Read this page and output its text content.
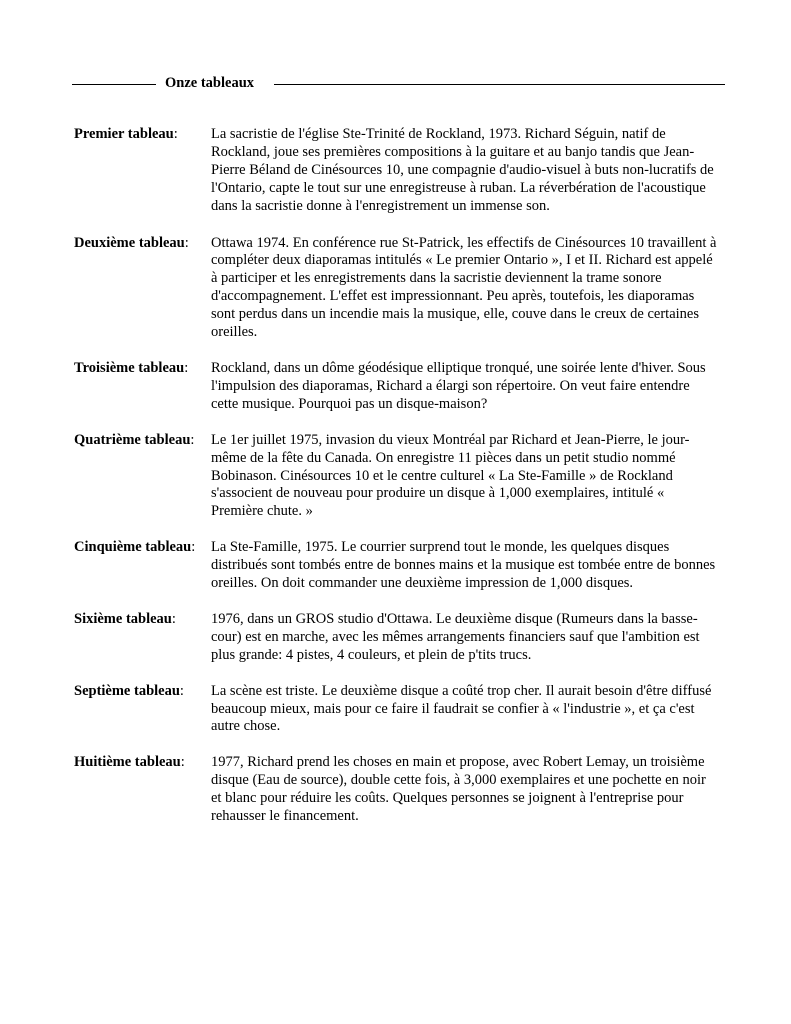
Onze tableaux
Premier tableau:	La sacristie de l'église Ste-Trinité de Rockland, 1973. Richard Séguin, natif de Rockland, joue ses premières compositions à la guitare et au banjo tandis que Jean-Pierre Béland de Cinésources 10, une compagnie d'audio-visuel à buts non-lucratifs de l'Ontario, capte le tout sur une enregistreuse à ruban. La réverbération de l'acoustique dans la sacristie donne à l'enregistrement un immense son.
Deuxième tableau:	Ottawa 1974. En conférence rue St-Patrick, les effectifs de Cinésources 10 travaillent à compléter deux diaporamas intitulés « Le premier Ontario », I et II. Richard est appelé à participer et les enregistrements dans la sacristie deviennent la trame sonore d'accompagnement. L'effet est impressionnant. Peu après, toutefois, les diaporamas sont perdus dans un incendie mais la musique, elle, couve dans le creux de certaines oreilles.
Troisième tableau:	Rockland, dans un dôme géodésique elliptique tronqué, une soirée lente d'hiver. Sous l'impulsion des diaporamas, Richard a élargi son répertoire. On veut faire entendre cette musique. Pourquoi pas un disque-maison?
Quatrième tableau:	Le 1er juillet 1975, invasion du vieux Montréal par Richard et Jean-Pierre, le jour-même de la fête du Canada. On enregistre 11 pièces dans un petit studio nommé Bobinason. Cinésources 10 et le centre culturel « La Ste-Famille » de Rockland s'associent de nouveau pour produire un disque à 1,000 exemplaires, intitulé « Première chute. »
Cinquième tableau:	La Ste-Famille, 1975. Le courrier surprend tout le monde, les quelques disques distribués sont tombés entre de bonnes mains et la musique est tombée entre de bonnes oreilles. On doit commander une deuxième impression de 1,000 disques.
Sixième tableau:	1976, dans un GROS studio d'Ottawa. Le deuxième disque (Rumeurs dans la basse-cour) est en marche, avec les mêmes arrangements financiers sauf que l'ambition est plus grande: 4 pistes, 4 couleurs, et plein de p'tits trucs.
Septième tableau:	La scène est triste. Le deuxième disque a coûté trop cher. Il aurait besoin d'être diffusé beaucoup mieux, mais pour ce faire il faudrait se confier à « l'industrie », et ça c'est autre chose.
Huitième tableau:	1977, Richard prend les choses en main et propose, avec Robert Lemay, un troisième disque (Eau de source), double cette fois, à 3,000 exemplaires et une pochette en noir et blanc pour réduire les coûts. Quelques personnes se joignent à l'entreprise pour rehausser le financement.
